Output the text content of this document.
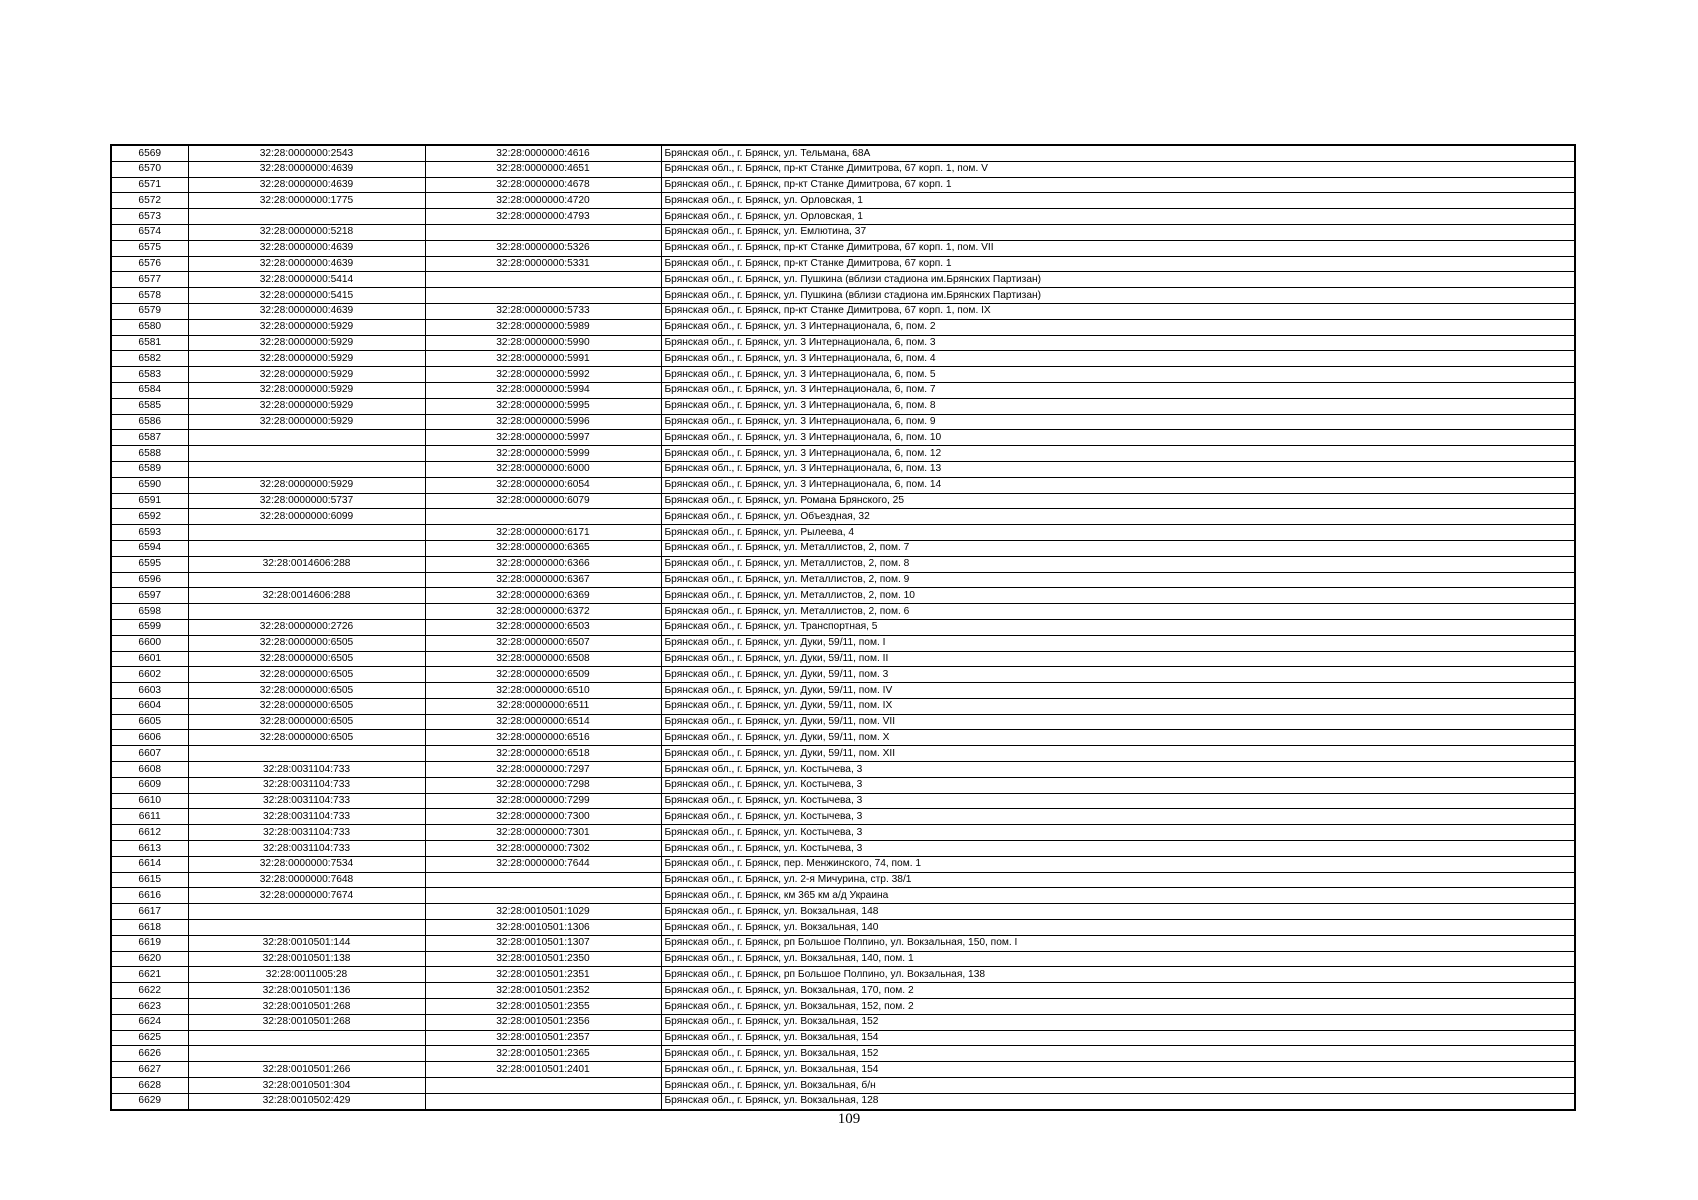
6569	32:28:0000000:2543	32:28:0000000:4616	Брянская обл., г. Брянск, ул. Тельмана, 68А
6570	32:28:0000000:4639	32:28:0000000:4651	Брянская обл., г. Брянск, пр-кт Станке Димитрова, 67 корп. 1, пом. V
6571	32:28:0000000:4639	32:28:0000000:4678	Брянская обл., г. Брянск, пр-кт Станке Димитрова, 67 корп. 1
6572	32:28:0000000:1775	32:28:0000000:4720	Брянская обл., г. Брянск, ул. Орловская, 1
6573		32:28:0000000:4793	Брянская обл., г. Брянск, ул. Орловская, 1
6574	32:28:0000000:5218		Брянская обл., г. Брянск, ул. Емлютина, 37
6575	32:28:0000000:4639	32:28:0000000:5326	Брянская обл., г. Брянск, пр-кт Станке Димитрова, 67 корп. 1, пом. VII
6576	32:28:0000000:4639	32:28:0000000:5331	Брянская обл., г. Брянск, пр-кт Станке Димитрова, 67 корп. 1
6577	32:28:0000000:5414		Брянская обл., г. Брянск, ул. Пушкина (вблизи стадиона им.Брянских Партизан)
6578	32:28:0000000:5415		Брянская обл., г. Брянск, ул. Пушкина (вблизи стадиона им.Брянских Партизан)
6579	32:28:0000000:4639	32:28:0000000:5733	Брянская обл., г. Брянск, пр-кт Станке Димитрова, 67 корп. 1, пом. IX
6580	32:28:0000000:5929	32:28:0000000:5989	Брянская обл., г. Брянск, ул. 3 Интернационала, 6, пом. 2
6581	32:28:0000000:5929	32:28:0000000:5990	Брянская обл., г. Брянск, ул. 3 Интернационала, 6, пом. 3
6582	32:28:0000000:5929	32:28:0000000:5991	Брянская обл., г. Брянск, ул. 3 Интернационала, 6, пом. 4
6583	32:28:0000000:5929	32:28:0000000:5992	Брянская обл., г. Брянск, ул. 3 Интернационала, 6, пом. 5
6584	32:28:0000000:5929	32:28:0000000:5994	Брянская обл., г. Брянск, ул. 3 Интернационала, 6, пом. 7
6585	32:28:0000000:5929	32:28:0000000:5995	Брянская обл., г. Брянск, ул. 3 Интернационала, 6, пом. 8
6586	32:28:0000000:5929	32:28:0000000:5996	Брянская обл., г. Брянск, ул. 3 Интернационала, 6, пом. 9
6587		32:28:0000000:5997	Брянская обл., г. Брянск, ул. 3 Интернационала, 6, пом. 10
6588		32:28:0000000:5999	Брянская обл., г. Брянск, ул. 3 Интернационала, 6, пом. 12
6589		32:28:0000000:6000	Брянская обл., г. Брянск, ул. 3 Интернационала, 6, пом. 13
6590	32:28:0000000:5929	32:28:0000000:6054	Брянская обл., г. Брянск, ул. 3 Интернационала, 6, пом. 14
6591	32:28:0000000:5737	32:28:0000000:6079	Брянская обл., г. Брянск, ул. Романа Брянского, 25
6592	32:28:0000000:6099		Брянская обл., г. Брянск, ул. Объездная, 32
6593		32:28:0000000:6171	Брянская обл., г. Брянск, ул. Рылеева, 4
6594		32:28:0000000:6365	Брянская обл., г. Брянск, ул. Металлистов, 2, пом. 7
6595	32:28:0014606:288	32:28:0000000:6366	Брянская обл., г. Брянск, ул. Металлистов, 2, пом. 8
6596		32:28:0000000:6367	Брянская обл., г. Брянск, ул. Металлистов, 2, пом. 9
6597	32:28:0014606:288	32:28:0000000:6369	Брянская обл., г. Брянск, ул. Металлистов, 2, пом. 10
6598		32:28:0000000:6372	Брянская обл., г. Брянск, ул. Металлистов, 2, пом. 6
6599	32:28:0000000:2726	32:28:0000000:6503	Брянская обл., г. Брянск, ул. Транспортная, 5
6600	32:28:0000000:6505	32:28:0000000:6507	Брянская обл., г. Брянск, ул. Дуки, 59/11, пом. I
6601	32:28:0000000:6505	32:28:0000000:6508	Брянская обл., г. Брянск, ул. Дуки, 59/11, пом. II
6602	32:28:0000000:6505	32:28:0000000:6509	Брянская обл., г. Брянск, ул. Дуки, 59/11, пом. 3
6603	32:28:0000000:6505	32:28:0000000:6510	Брянская обл., г. Брянск, ул. Дуки, 59/11, пом. IV
6604	32:28:0000000:6505	32:28:0000000:6511	Брянская обл., г. Брянск, ул. Дуки, 59/11, пом. IX
6605	32:28:0000000:6505	32:28:0000000:6514	Брянская обл., г. Брянск, ул. Дуки, 59/11, пом. VII
6606	32:28:0000000:6505	32:28:0000000:6516	Брянская обл., г. Брянск, ул. Дуки, 59/11, пом. X
6607		32:28:0000000:6518	Брянская обл., г. Брянск, ул. Дуки, 59/11, пом. XII
6608	32:28:0031104:733	32:28:0000000:7297	Брянская обл., г. Брянск, ул. Костычева, 3
6609	32:28:0031104:733	32:28:0000000:7298	Брянская обл., г. Брянск, ул. Костычева, 3
6610	32:28:0031104:733	32:28:0000000:7299	Брянская обл., г. Брянск, ул. Костычева, 3
6611	32:28:0031104:733	32:28:0000000:7300	Брянская обл., г. Брянск, ул. Костычева, 3
6612	32:28:0031104:733	32:28:0000000:7301	Брянская обл., г. Брянск, ул. Костычева, 3
6613	32:28:0031104:733	32:28:0000000:7302	Брянская обл., г. Брянск, ул. Костычева, 3
6614	32:28:0000000:7534	32:28:0000000:7644	Брянская обл., г. Брянск, пер. Менжинского, 74, пом. 1
6615	32:28:0000000:7648		Брянская обл., г. Брянск, ул. 2-я Мичурина, стр. 38/1
6616	32:28:0000000:7674		Брянская обл., г. Брянск, км 365 км а/д Украина
6617		32:28:0010501:1029	Брянская обл., г. Брянск, ул. Вокзальная, 148
6618		32:28:0010501:1306	Брянская обл., г. Брянск, ул. Вокзальная, 140
6619	32:28:0010501:144	32:28:0010501:1307	Брянская обл., г. Брянск, рп Большое Полпино, ул. Вокзальная, 150, пом. I
6620	32:28:0010501:138	32:28:0010501:2350	Брянская обл., г. Брянск, ул. Вокзальная, 140, пом. 1
6621	32:28:0011005:28	32:28:0010501:2351	Брянская обл., г. Брянск, рп Большое Полпино, ул. Вокзальная, 138
6622	32:28:0010501:136	32:28:0010501:2352	Брянская обл., г. Брянск, ул. Вокзальная, 170, пом. 2
6623	32:28:0010501:268	32:28:0010501:2355	Брянская обл., г. Брянск, ул. Вокзальная, 152, пом. 2
6624	32:28:0010501:268	32:28:0010501:2356	Брянская обл., г. Брянск, ул. Вокзальная, 152
6625		32:28:0010501:2357	Брянская обл., г. Брянск, ул. Вокзальная, 154
6626		32:28:0010501:2365	Брянская обл., г. Брянск, ул. Вокзальная, 152
6627	32:28:0010501:266	32:28:0010501:2401	Брянская обл., г. Брянск, ул. Вокзальная, 154
6628	32:28:0010501:304		Брянская обл., г. Брянск, ул. Вокзальная, б/н
6629	32:28:0010502:429		Брянская обл., г. Брянск, ул. Вокзальная, 128
109
